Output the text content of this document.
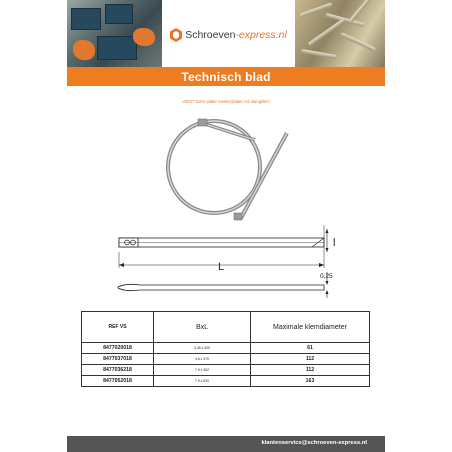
Schroeven-express.nl
Technisch blad
V0047 Extra platte roestvrijstalen A2 slangklem
L
l
0,25
REF VS	BxL	Maximale klemdiameter
8477020018	4,45 x 200	61
8477037018	4,6 x 370	112
8477036218	7,9 x 362	112
8477052018	7,9 x 520	163
klantenservice@schroeven-express.nl
